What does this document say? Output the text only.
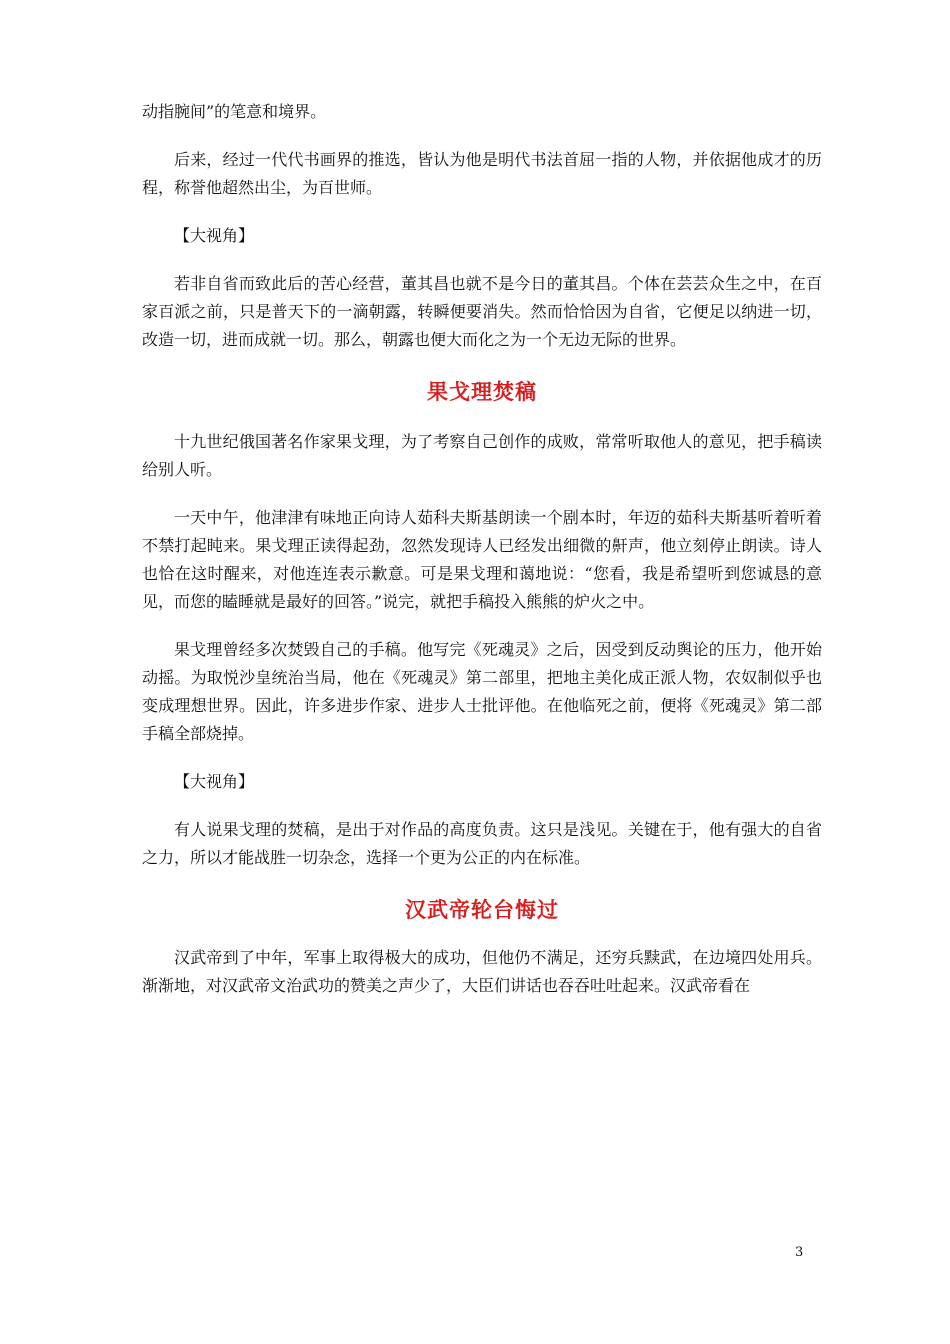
动指腕间”的笔意和境界。

后来，经过一代代书画界的推选，皆认为他是明代书法首屈一指的人物，并依据他成才的历程，称誉他超然出尘，为百世师。

【大视角】

若非自省而致此后的苦心经营，董其昌也就不是今日的董其昌。个体在芸芸众生之中，在百家百派之前，只是普天下的一滴朝露，转瞬便要消失。然而恰恰因为自省，它便足以纳进一切，改造一切，进而成就一切。那么，朝露也便大而化之为一个无边无际的世界。

果戈理焚稿

十九世纪俄国著名作家果戈理，为了考察自己创作的成败，常常听取他人的意见，把手稿读给别人听。

一天中午，他津津有味地正向诗人茹科夫斯基朗读一个剧本时，年迈的茹科夫斯基听着听着不禁打起盹来。果戈理正读得起劲，忽然发现诗人已经发出细微的鼾声，他立刻停止朗读。诗人也恰在这时醒来，对他连连表示歉意。可是果戈理和蔼地说：“您看，我是希望听到您诚恳的意见，而您的瞌睡就是最好的回答。”说完，就把手稿投入熊熊的炉火之中。

果戈理曾经多次焚毁自己的手稿。他写完《死魂灵》之后，因受到反动舆论的压力，他开始动摇。为取悦沙皇统治当局，他在《死魂灵》第二部里，把地主美化成正派人物，农奴制似乎也变成理想世界。因此，许多进步作家、进步人士批评他。在他临死之前，便将《死魂灵》第二部手稿全部烧掉。

【大视角】

有人说果戈理的焚稿，是出于对作品的高度负责。这只是浅见。关键在于，他有强大的自省之力，所以才能战胜一切杂念，选择一个更为公正的内在标准。

汉武帝轮台悔过

汉武帝到了中年，军事上取得极大的成功，但他仍不满足，还穷兵黩武，在边境四处用兵。渐渐地，对汉武帝文治武功的赞美之声少了，大臣们讲话也吞吞吐吐起来。汉武帝看在

3
